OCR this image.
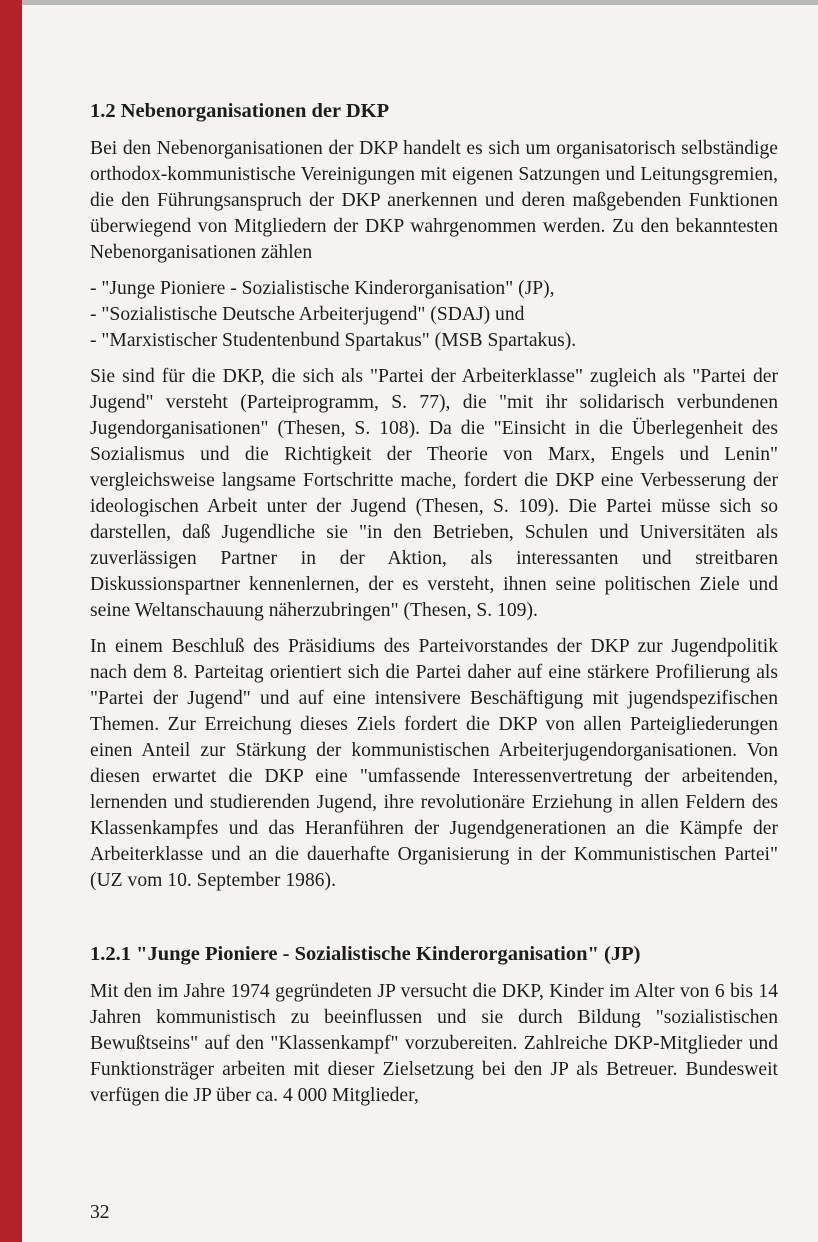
1.2 Nebenorganisationen der DKP

Bei den Nebenorganisationen der DKP handelt es sich um organisatorisch selbständige orthodox-kommunistische Vereinigungen mit eigenen Satzungen und Leitungsgremien, die den Führungsanspruch der DKP anerkennen und deren maßgebenden Funktionen überwiegend von Mitgliedern der DKP wahrgenommen werden. Zu den bekanntesten Nebenorganisationen zählen

- "Junge Pioniere - Sozialistische Kinderorganisation" (JP),
- "Sozialistische Deutsche Arbeiterjugend" (SDAJ) und
- "Marxistischer Studentenbund Spartakus" (MSB Spartakus).

Sie sind für die DKP, die sich als "Partei der Arbeiterklasse" zugleich als "Partei der Jugend" versteht (Parteiprogramm, S. 77), die "mit ihr solidarisch verbundenen Jugendorganisationen" (Thesen, S. 108). Da die "Einsicht in die Überlegenheit des Sozialismus und die Richtigkeit der Theorie von Marx, Engels und Lenin" vergleichsweise langsame Fortschritte mache, fordert die DKP eine Verbesserung der ideologischen Arbeit unter der Jugend (Thesen, S. 109). Die Partei müsse sich so darstellen, daß Jugendliche sie "in den Betrieben, Schulen und Universitäten als zuverlässigen Partner in der Aktion, als interessanten und streitbaren Diskussionspartner kennenlernen, der es versteht, ihnen seine politischen Ziele und seine Weltanschauung näherzubringen" (Thesen, S. 109).

In einem Beschluß des Präsidiums des Parteivorstandes der DKP zur Jugendpolitik nach dem 8. Parteitag orientiert sich die Partei daher auf eine stärkere Profilierung als "Partei der Jugend" und auf eine intensivere Beschäftigung mit jugendspezifischen Themen. Zur Erreichung dieses Ziels fordert die DKP von allen Parteigliederungen einen Anteil zur Stärkung der kommunistischen Arbeiterjugendorganisationen. Von diesen erwartet die DKP eine "umfassende Interessenvertretung der arbeitenden, lernenden und studierenden Jugend, ihre revolutionäre Erziehung in allen Feldern des Klassenkampfes und das Heranführen der Jugendgenerationen an die Kämpfe der Arbeiterklasse und an die dauerhafte Organisierung in der Kommunistischen Partei" (UZ vom 10. September 1986).

1.2.1 "Junge Pioniere - Sozialistische Kinderorganisation" (JP)

Mit den im Jahre 1974 gegründeten JP versucht die DKP, Kinder im Alter von 6 bis 14 Jahren kommunistisch zu beeinflussen und sie durch Bildung "sozialistischen Bewußtseins" auf den "Klassenkampf" vorzubereiten. Zahlreiche DKP-Mitglieder und Funktionsträger arbeiten mit dieser Zielsetzung bei den JP als Betreuer. Bundesweit verfügen die JP über ca. 4 000 Mitglieder,

32
